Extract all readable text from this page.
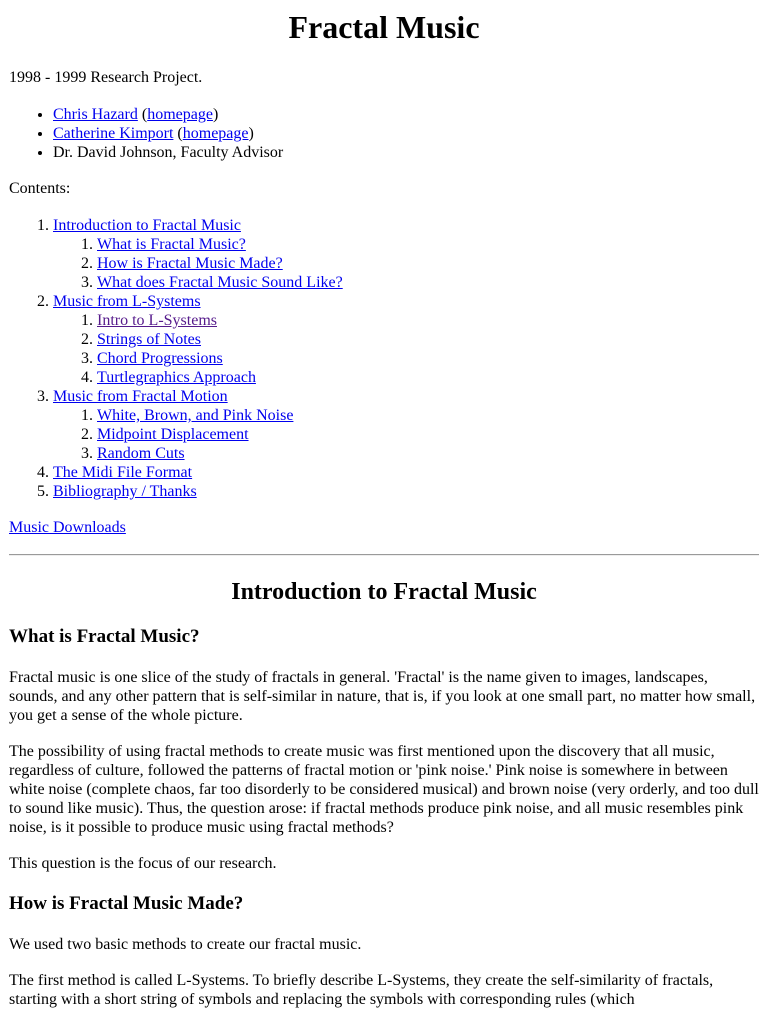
Fractal Music

1998 - 1999 Research Project.

• Chris Hazard (homepage)
• Catherine Kimport (homepage)
• Dr. David Johnson, Faculty Advisor

Contents:

1. Introduction to Fractal Music
1. What is Fractal Music?
2. How is Fractal Music Made?
3. What does Fractal Music Sound Like?
2. Music from L-Systems
1. Intro to L-Systems
2. Strings of Notes
3. Chord Progressions
4. Turtlegraphics Approach
3. Music from Fractal Motion
1. White, Brown, and Pink Noise
2. Midpoint Displacement
3. Random Cuts
4. The Midi File Format
5. Bibliography / Thanks

Music Downloads

Introduction to Fractal Music
What is Fractal Music?

Fractal music is one slice of the study of fractals in general. 'Fractal' is the name given to images, landscapes, sounds, and any other pattern that is self-similar in nature, that is, if you look at one small part, no matter how small, you get a sense of the whole picture.

The possibility of using fractal methods to create music was first mentioned upon the discovery that all music, regardless of culture, followed the patterns of fractal motion or 'pink noise.' Pink noise is somewhere in between white noise (complete chaos, far too disorderly to be considered musical) and brown noise (very orderly, and too dull to sound like music). Thus, the question arose: if fractal methods produce pink noise, and all music resembles pink noise, is it possible to produce music using fractal methods?

This question is the focus of our research.

How is Fractal Music Made?

We used two basic methods to create our fractal music.

The first method is called L-Systems. To briefly describe L-Systems, they create the self-similarity of fractals, starting with a short string of symbols and replacing the symbols with corresponding rules (which
